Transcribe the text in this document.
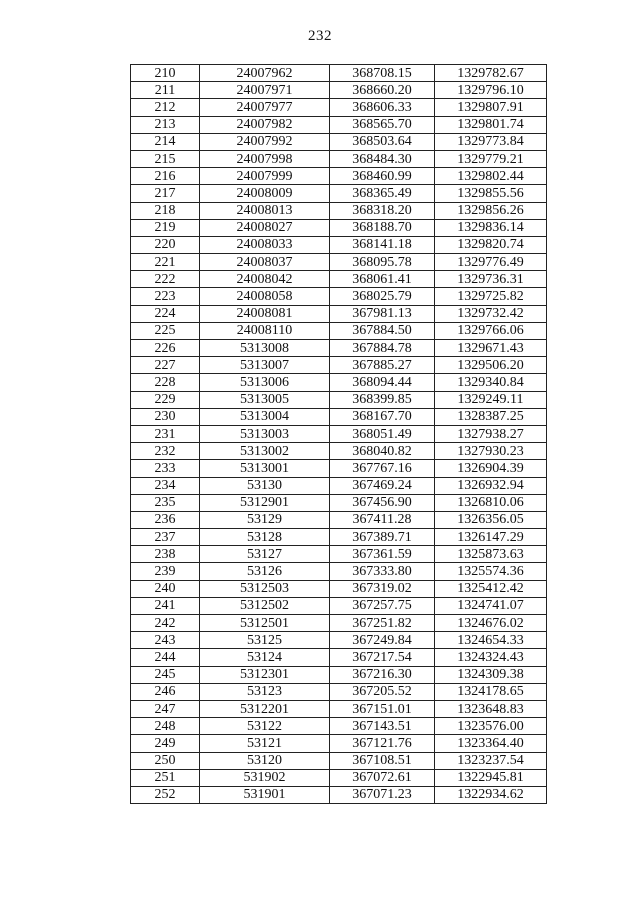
232
210	24007962	368708.15	1329782.67
211	24007971	368660.20	1329796.10
212	24007977	368606.33	1329807.91
213	24007982	368565.70	1329801.74
214	24007992	368503.64	1329773.84
215	24007998	368484.30	1329779.21
216	24007999	368460.99	1329802.44
217	24008009	368365.49	1329855.56
218	24008013	368318.20	1329856.26
219	24008027	368188.70	1329836.14
220	24008033	368141.18	1329820.74
221	24008037	368095.78	1329776.49
222	24008042	368061.41	1329736.31
223	24008058	368025.79	1329725.82
224	24008081	367981.13	1329732.42
225	24008110	367884.50	1329766.06
226	5313008	367884.78	1329671.43
227	5313007	367885.27	1329506.20
228	5313006	368094.44	1329340.84
229	5313005	368399.85	1329249.11
230	5313004	368167.70	1328387.25
231	5313003	368051.49	1327938.27
232	5313002	368040.82	1327930.23
233	5313001	367767.16	1326904.39
234	53130	367469.24	1326932.94
235	5312901	367456.90	1326810.06
236	53129	367411.28	1326356.05
237	53128	367389.71	1326147.29
238	53127	367361.59	1325873.63
239	53126	367333.80	1325574.36
240	5312503	367319.02	1325412.42
241	5312502	367257.75	1324741.07
242	5312501	367251.82	1324676.02
243	53125	367249.84	1324654.33
244	53124	367217.54	1324324.43
245	5312301	367216.30	1324309.38
246	53123	367205.52	1324178.65
247	5312201	367151.01	1323648.83
248	53122	367143.51	1323576.00
249	53121	367121.76	1323364.40
250	53120	367108.51	1323237.54
251	531902	367072.61	1322945.81
252	531901	367071.23	1322934.62
